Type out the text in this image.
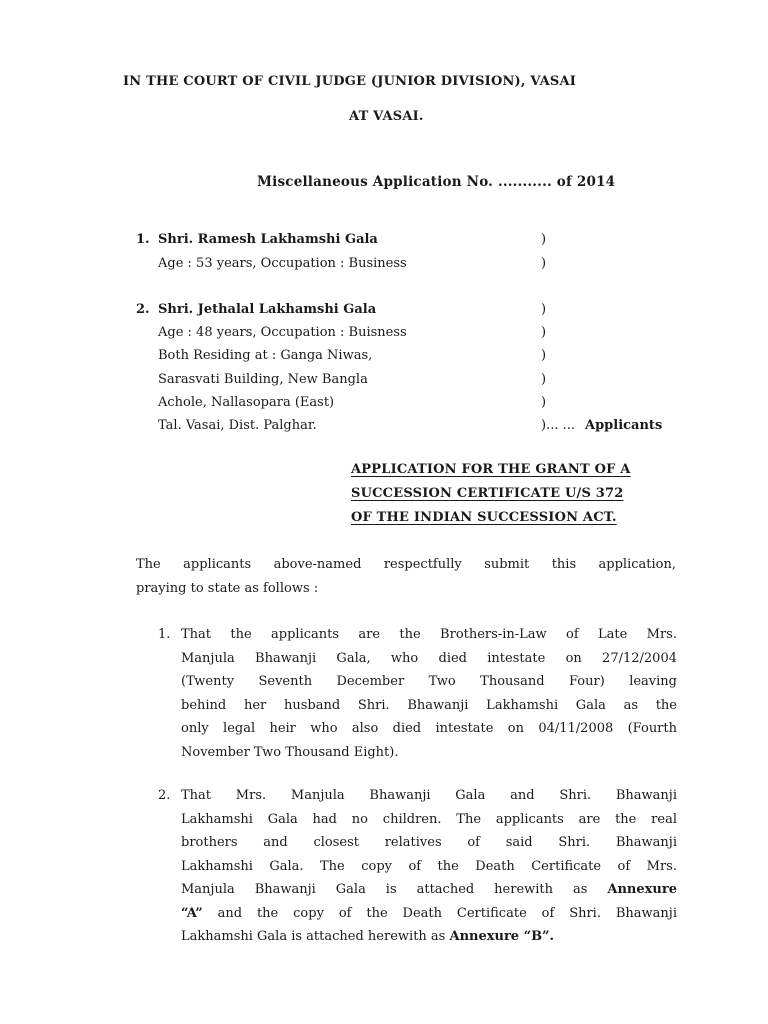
IN THE COURT OF CIVIL JUDGE (JUNIOR DIVISION), VASAI

AT VASAI.

Miscellaneous Application No. ........... of 2014

1. Shri. Ramesh Lakhamshi Gala	)
Age : 53 years, Occupation : Business	)
2. Shri. Jethalal Lakhamshi Gala	)
Age : 48 years, Occupation : Buisness	)
Both Residing at : Ganga Niwas,	)
Sarasvati Building, New Bangla	)
Achole, Nallasopara (East)	)
Tal. Vasai, Dist. Palghar.	)... ... Applicants

APPLICATION FOR THE GRANT OF A

SUCCESSION CERTIFICATE U/S 372

OF THE INDIAN SUCCESSION ACT.

The applicants above-named respectfully submit this application,
praying to state as follows :
1. That the applicants are the Brothers-in-Law of Late Mrs.
Manjula Bhawanji Gala, who died intestate on 27/12/2004
(Twenty Seventh December Two Thousand Four) leaving
behind her husband Shri. Bhawanji Lakhamshi Gala as the
only legal heir who also died intestate on 04/11/2008 (Fourth
November Two Thousand Eight).
2. That Mrs. Manjula Bhawanji Gala and Shri. Bhawanji
Lakhamshi Gala had no children. The applicants are the real
brothers and closest relatives of said Shri. Bhawanji
Lakhamshi Gala. The copy of the Death Certificate of Mrs.
Manjula Bhawanji Gala is attached herewith as Annexure
“A” and the copy of the Death Certificate of Shri. Bhawanji
Lakhamshi Gala is attached herewith as Annexure “B”.
